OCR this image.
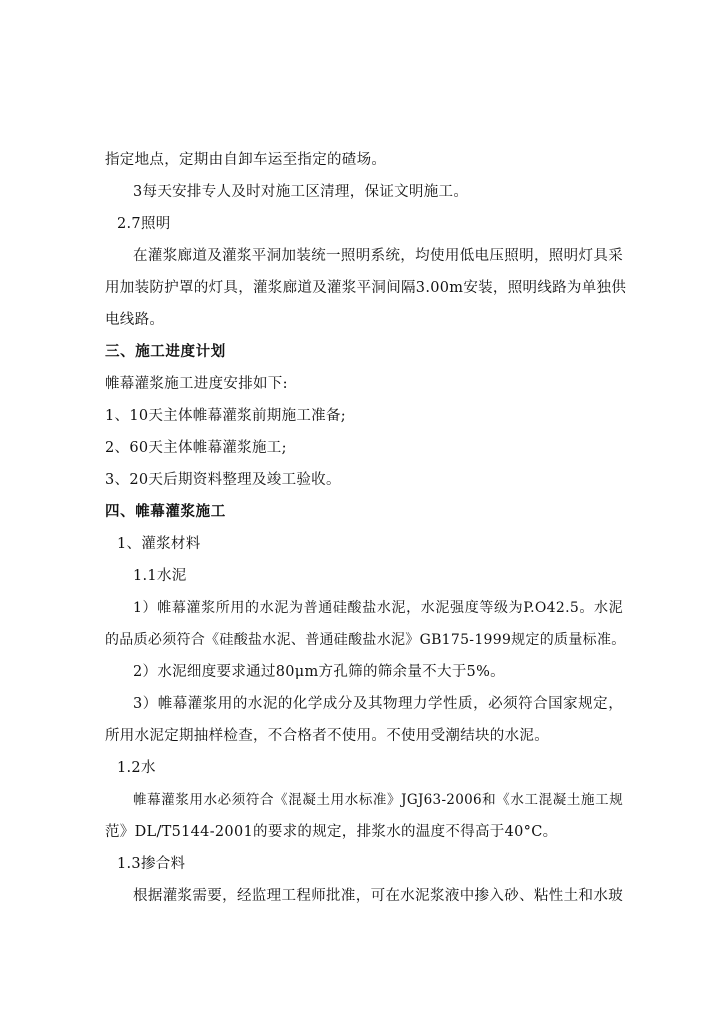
指定地点，定期由自卸车运至指定的碴场。
3每天安排专人及时对施工区清理，保证文明施工。
2.7照明
在灌浆廊道及灌浆平洞加装统一照明系统，均使用低电压照明，照明灯具采
用加装防护罩的灯具，灌浆廊道及灌浆平洞间隔3.00m安装，照明线路为单独供
电线路。
三、施工进度计划
帷幕灌浆施工进度安排如下:
1、10天主体帷幕灌浆前期施工准备;
2、60天主体帷幕灌浆施工;
3、20天后期资料整理及竣工验收。
四、帷幕灌浆施工
1、灌浆材料
1.1水泥
1）帷幕灌浆所用的水泥为普通硅酸盐水泥，水泥强度等级为P.O42.5。水泥
的品质必须符合《硅酸盐水泥、普通硅酸盐水泥》GB175-1999规定的质量标准。
2）水泥细度要求通过80μm方孔筛的筛余量不大于5%。
3）帷幕灌浆用的水泥的化学成分及其物理力学性质，必须符合国家规定，
所用水泥定期抽样检查，不合格者不使用。不使用受潮结块的水泥。
1.2水
帷幕灌浆用水必须符合《混凝土用水标准》JGJ63-2006和《水工混凝土施工规
范》DL/T5144-2001的要求的规定，排浆水的温度不得高于40°C。
1.3掺合料
根据灌浆需要，经监理工程师批准，可在水泥浆液中掺入砂、粘性土和水玻
